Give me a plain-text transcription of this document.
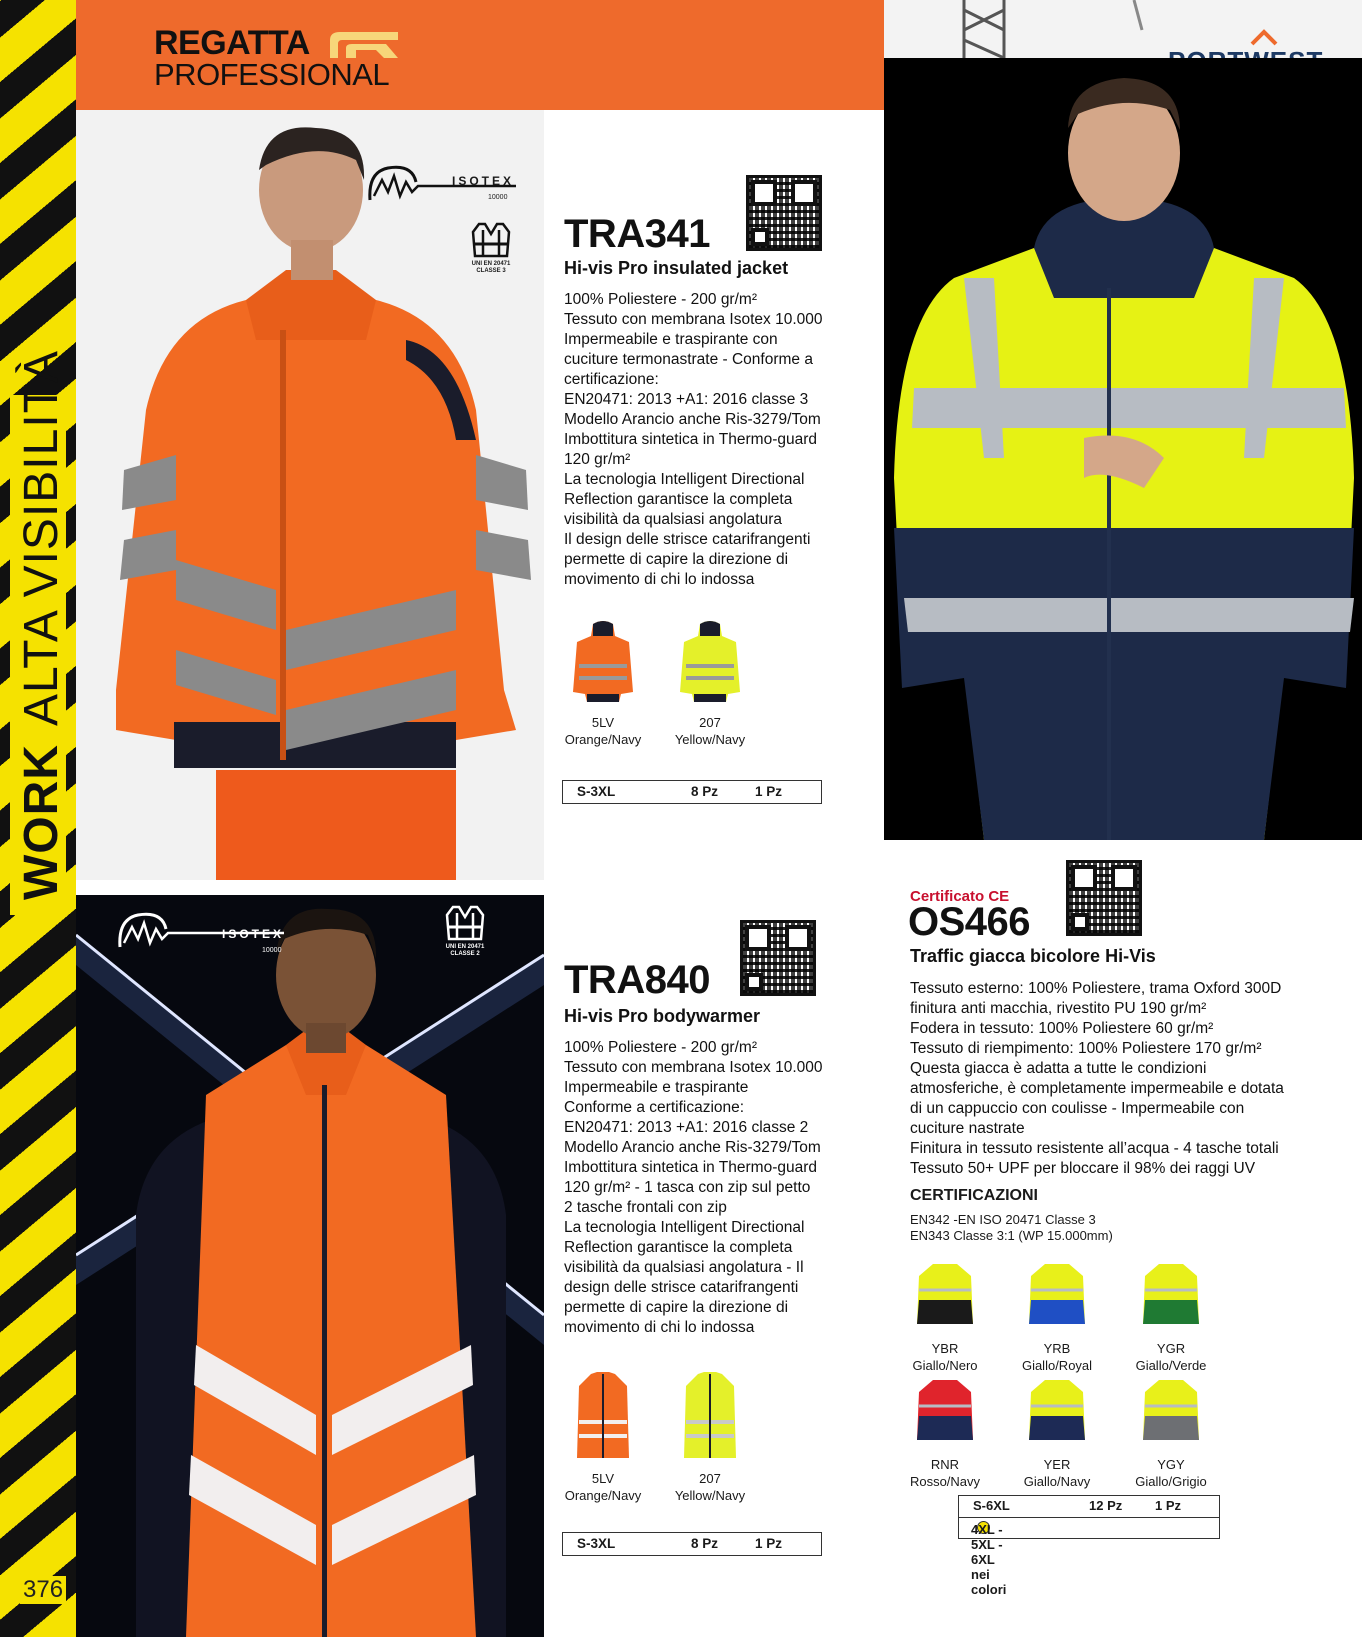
WORKALTA VISIBILITÀ
376
REGATTA
PROFESSIONAL
ISOTEX
10000
UNI EN 20471 CLASSE 3
TRA341
Hi-vis Pro insulated jacket
100% Poliestere - 200 gr/m²
Tessuto con membrana Isotex 10.000
Impermeabile e traspirante con
cuciture termonastrate - Conforme a
certificazione:
EN20471: 2013 +A1: 2016 classe 3
Modello Arancio anche Ris-3279/Tom
Imbottitura sintetica in Thermo-guard
120 gr/m²
La tecnologia Intelligent Directional
Reflection garantisce la completa
visibilità da qualsiasi angolatura
Il design delle strisce catarifrangenti
permette di capire la direzione di
movimento di chi lo indossa
5LV
Orange/Navy
207
Yellow/Navy
S-3XL	8 Pz	1 Pz
ISOTEX
10000	UNI EN 20471 CLASSE 2
TRA840
Hi-vis Pro bodywarmer
100% Poliestere - 200 gr/m²
Tessuto con membrana Isotex 10.000
Impermeabile e traspirante
Conforme a certificazione:
EN20471: 2013 +A1: 2016 classe 2
Modello Arancio anche Ris-3279/Tom
Imbottitura sintetica in Thermo-guard
120 gr/m² - 1 tasca con zip sul petto
2 tasche frontali con zip
La tecnologia Intelligent Directional
Reflection garantisce la completa
visibilità da qualsiasi angolatura - Il
design delle strisce catarifrangenti
permette di capire la direzione di
movimento di chi lo indossa
5LV
Orange/Navy
207
Yellow/Navy
S-3XL	8 Pz	1 Pz
Certificato CE
OS466
Traffic giacca bicolore Hi-Vis
Tessuto esterno: 100% Poliestere, trama Oxford 300D
finitura anti macchia, rivestito PU 190 gr/m²
Fodera in tessuto: 100% Poliestere 60 gr/m²
Tessuto di riempimento: 100% Poliestere 170 gr/m²
Questa giacca è adatta a tutte le condizioni
atmosferiche, è completamente impermeabile e dotata
di un cappuccio con coulisse - Impermeabile con
cuciture nastrate
Finitura in tessuto resistente all’acqua - 4 tasche totali
Tessuto 50+ UPF per bloccare il 98% dei raggi UV
CERTIFICAZIONI
EN342 -EN ISO 20471 Classe 3
EN343 Classe 3:1 (WP 15.000mm)
YBR
Giallo/Nero
YRB
Giallo/Royal
YGR
Giallo/Verde
RNR
Rosso/Navy
YER
Giallo/Navy
YGY
Giallo/Grigio
S-6XL	12 Pz	1 Pz
4XL - 5XL - 6XL nei colori
